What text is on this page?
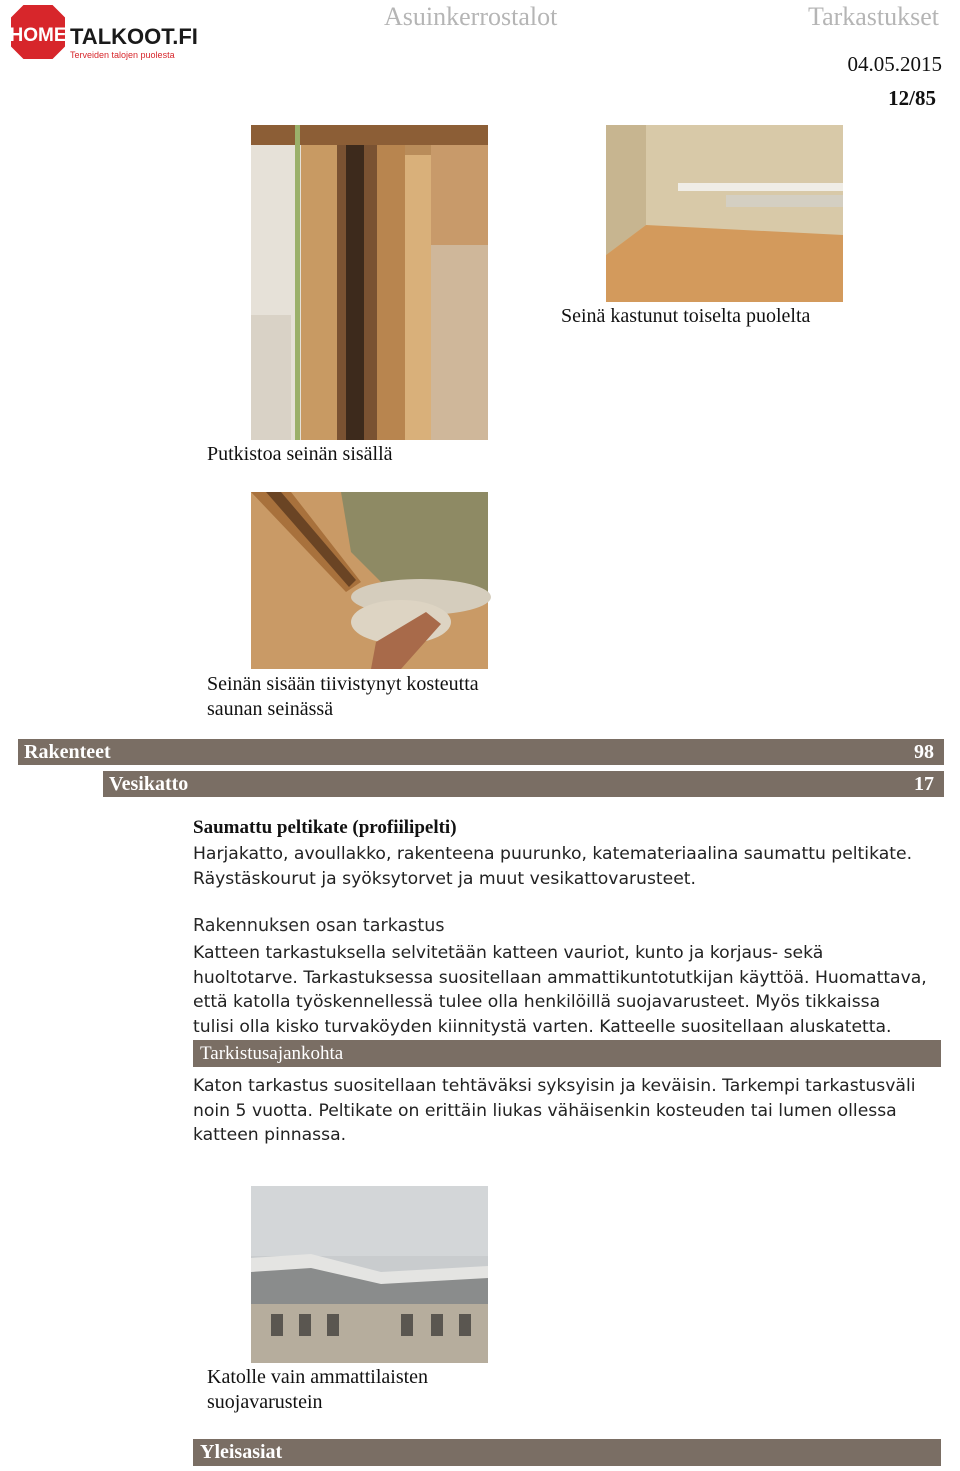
HOME TALKOOT.FI
Terveiden talojen puolesta
Asuinkerrostalot	Tarkastukset
04.05.2015
12/85
Seinä kastunut toiselta puolelta
Putkistoa seinän sisällä
Seinän sisään tiivistynyt kosteutta
saunan seinässä
Rakenteet	98
Vesikatto	17
Saumattu peltikate (profiilipelti)
Harjakatto, avoullakko, rakenteena puurunko, katemateriaalina saumattu peltikate.
Räystäskourut ja syöksytorvet ja muut vesikattovarusteet.
Rakennuksen osan tarkastus
Katteen tarkastuksella selvitetään katteen vauriot, kunto ja korjaus- sekä
huoltotarve. Tarkastuksessa suositellaan ammattikuntotutkijan käyttöä. Huomattava,
että katolla työskennellessä tulee olla henkilöillä suojavarusteet. Myös tikkaissa
tulisi olla kisko turvaköyden kiinnitystä varten. Katteelle suositellaan aluskatetta.
Tarkistusajankohta
Katon tarkastus suositellaan tehtäväksi syksyisin ja keväisin. Tarkempi tarkastusväli
noin 5 vuotta. Peltikate on erittäin liukas vähäisenkin kosteuden tai lumen ollessa
katteen pinnassa.
Katolle vain ammattilaisten
suojavarustein
Yleisasiat
